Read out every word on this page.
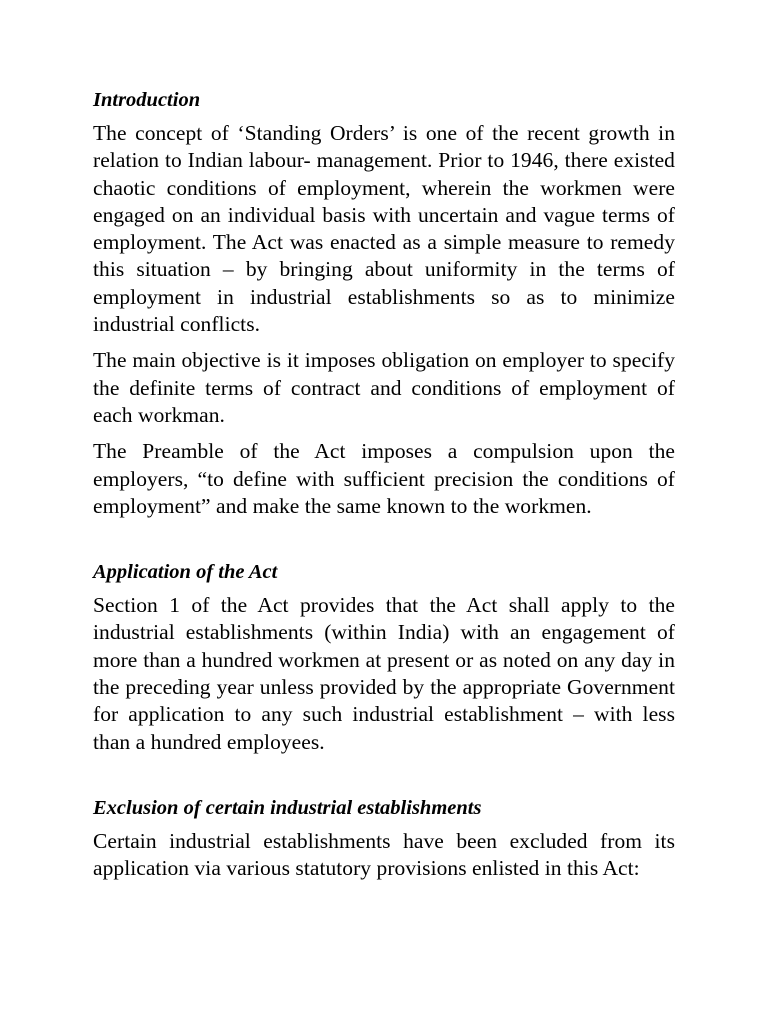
Introduction

The concept of ‘Standing Orders’ is one of the recent growth in relation to Indian labour- management. Prior to 1946, there existed chaotic conditions of employment, wherein the workmen were engaged on an individual basis with uncertain and vague terms of employment. The Act was enacted as a simple measure to remedy this situation – by bringing about uniformity in the terms of employment in industrial establishments so as to minimize industrial conflicts.

The main objective is it imposes obligation on employer to specify the definite terms of contract and conditions of employment of each workman.

The Preamble of the Act imposes a compulsion upon the employers, “to define with sufficient precision the conditions of employment” and make the same known to the workmen.

Application of the Act

Section 1 of the Act provides that the Act shall apply to the industrial establishments (within India) with an engagement of more than a hundred workmen at present or as noted on any day in the preceding year unless provided by the appropriate Government for application to any such industrial establishment – with less than a hundred employees.

Exclusion of certain industrial establishments

Certain industrial establishments have been excluded from its application via various statutory provisions enlisted in this Act:
